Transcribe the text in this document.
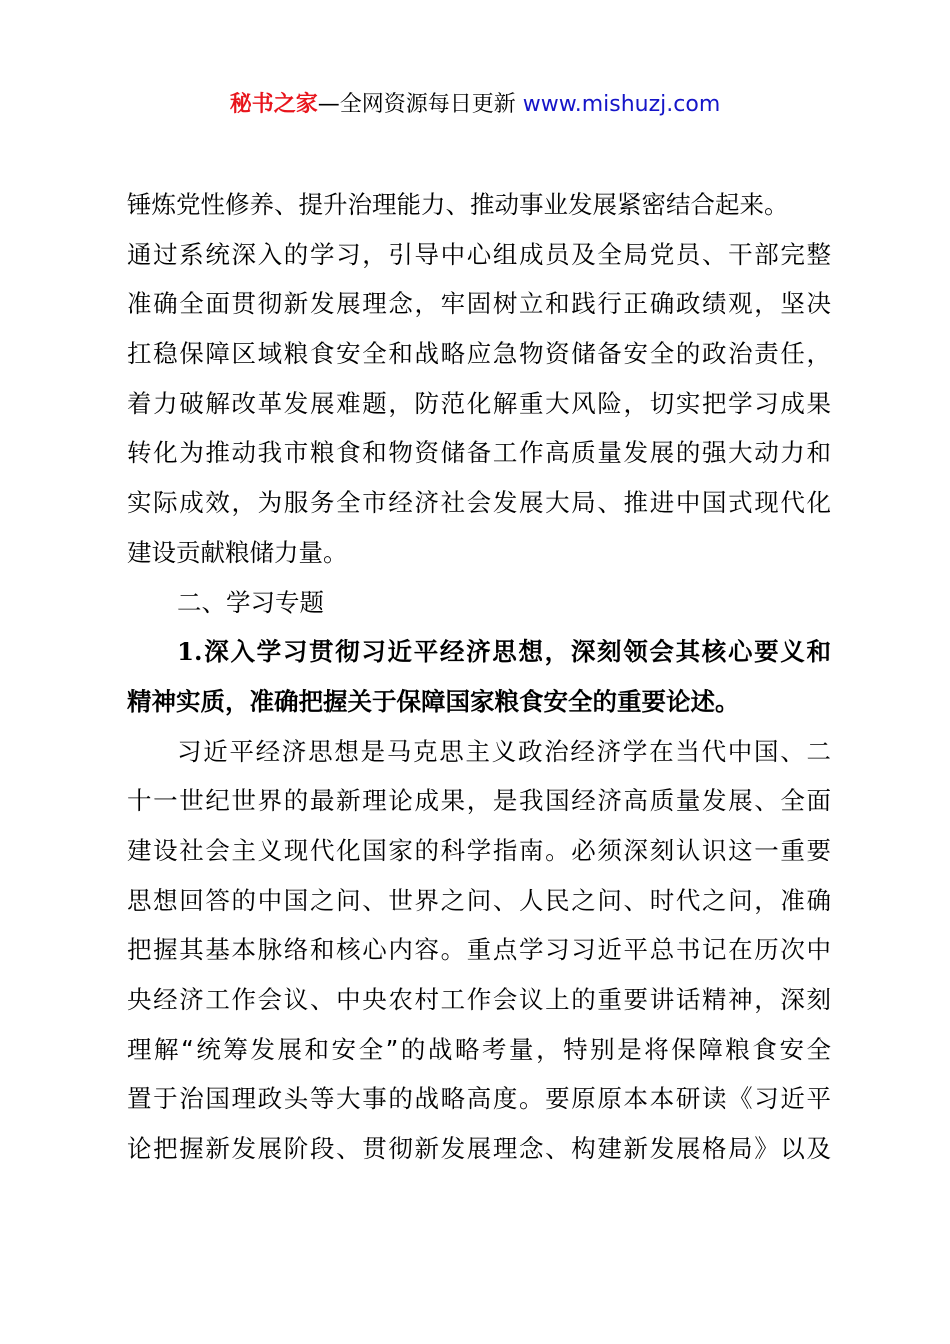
秘书之家—全网资源每日更新 www.mishuzj.com
锤炼党性修养、提升治理能力、推动事业发展紧密结合起来。
通过系统深入的学习，引导中心组成员及全局党员、干部完整
准确全面贯彻新发展理念，牢固树立和践行正确政绩观，坚决
扛稳保障区域粮食安全和战略应急物资储备安全的政治责任，
着力破解改革发展难题，防范化解重大风险，切实把学习成果
转化为推动我市粮食和物资储备工作高质量发展的强大动力和
实际成效，为服务全市经济社会发展大局、推进中国式现代化
建设贡献粮储力量。
二、学习专题
1.深入学习贯彻习近平经济思想，深刻领会其核心要义和
精神实质，准确把握关于保障国家粮食安全的重要论述。
习近平经济思想是马克思主义政治经济学在当代中国、二
十一世纪世界的最新理论成果，是我国经济高质量发展、全面
建设社会主义现代化国家的科学指南。必须深刻认识这一重要
思想回答的中国之问、世界之问、人民之问、时代之问，准确
把握其基本脉络和核心内容。重点学习习近平总书记在历次中
央经济工作会议、中央农村工作会议上的重要讲话精神，深刻
理解“统筹发展和安全”的战略考量，特别是将保障粮食安全
置于治国理政头等大事的战略高度。要原原本本研读《习近平
论把握新发展阶段、贯彻新发展理念、构建新发展格局》以及
